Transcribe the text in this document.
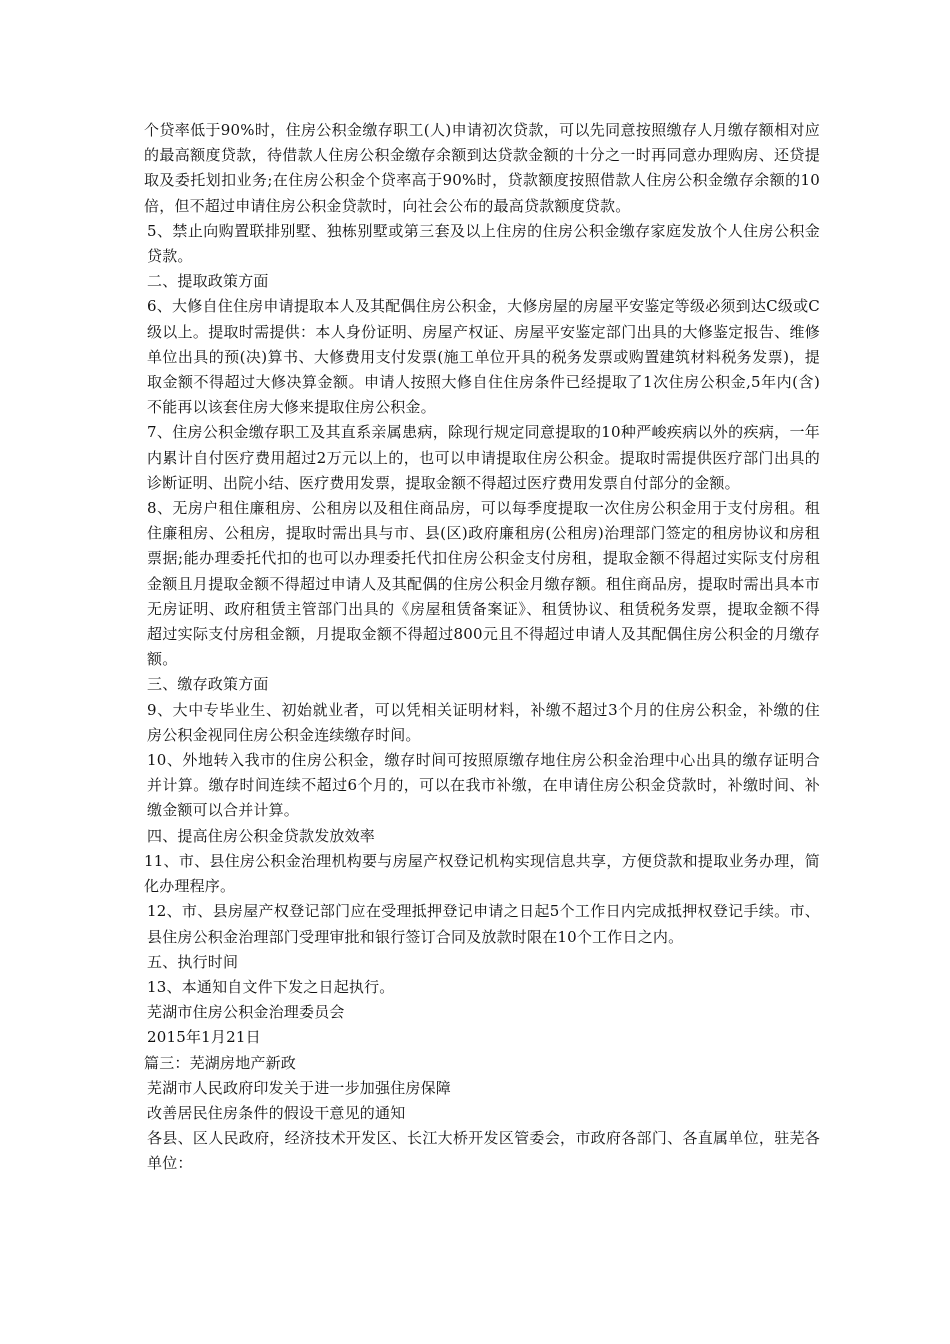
个贷率低于90%时，住房公积金缴存职工(人)申请初次贷款，可以先同意按照缴存人月缴存额相对应的最高额度贷款，待借款人住房公积金缴存余额到达贷款金额的十分之一时再同意办理购房、还贷提取及委托划扣业务;在住房公积金个贷率高于90%时，贷款额度按照借款人住房公积金缴存余额的10倍，但不超过申请住房公积金贷款时，向社会公布的最高贷款额度贷款。

5、禁止向购置联排别墅、独栋别墅或第三套及以上住房的住房公积金缴存家庭发放个人住房公积金贷款。

二、提取政策方面

6、大修自住住房申请提取本人及其配偶住房公积金，大修房屋的房屋平安鉴定等级必须到达C级或C级以上。提取时需提供：本人身份证明、房屋产权证、房屋平安鉴定部门出具的大修鉴定报告、维修单位出具的预(决)算书、大修费用支付发票(施工单位开具的税务发票或购置建筑材料税务发票)，提取金额不得超过大修决算金额。申请人按照大修自住住房条件已经提取了1次住房公积金,5年内(含)不能再以该套住房大修来提取住房公积金。

7、住房公积金缴存职工及其直系亲属患病，除现行规定同意提取的10种严峻疾病以外的疾病，一年内累计自付医疗费用超过2万元以上的，也可以申请提取住房公积金。提取时需提供医疗部门出具的诊断证明、出院小结、医疗费用发票，提取金额不得超过医疗费用发票自付部分的金额。

8、无房户租住廉租房、公租房以及租住商品房，可以每季度提取一次住房公积金用于支付房租。租住廉租房、公租房，提取时需出具与市、县(区)政府廉租房(公租房)治理部门签定的租房协议和房租票据;能办理委托代扣的也可以办理委托代扣住房公积金支付房租，提取金额不得超过实际支付房租金额且月提取金额不得超过申请人及其配偶的住房公积金月缴存额。租住商品房，提取时需出具本市无房证明、政府租赁主管部门出具的《房屋租赁备案证》、租赁协议、租赁税务发票，提取金额不得超过实际支付房租金额，月提取金额不得超过800元且不得超过申请人及其配偶住房公积金的月缴存额。

三、缴存政策方面

9、大中专毕业生、初始就业者，可以凭相关证明材料，补缴不超过3个月的住房公积金，补缴的住房公积金视同住房公积金连续缴存时间。

10、外地转入我市的住房公积金，缴存时间可按照原缴存地住房公积金治理中心出具的缴存证明合并计算。缴存时间连续不超过6个月的，可以在我市补缴，在申请住房公积金贷款时，补缴时间、补缴金额可以合并计算。

四、提高住房公积金贷款发放效率

11、市、县住房公积金治理机构要与房屋产权登记机构实现信息共享，方便贷款和提取业务办理，简化办理程序。

12、市、县房屋产权登记部门应在受理抵押登记申请之日起5个工作日内完成抵押权登记手续。市、县住房公积金治理部门受理审批和银行签订合同及放款时限在10个工作日之内。

五、执行时间

13、本通知自文件下发之日起执行。

芜湖市住房公积金治理委员会

2015年1月21日

篇三：芜湖房地产新政

芜湖市人民政府印发关于进一步加强住房保障

改善居民住房条件的假设干意见的通知

各县、区人民政府，经济技术开发区、长江大桥开发区管委会，市政府各部门、各直属单位，驻芜各单位：
